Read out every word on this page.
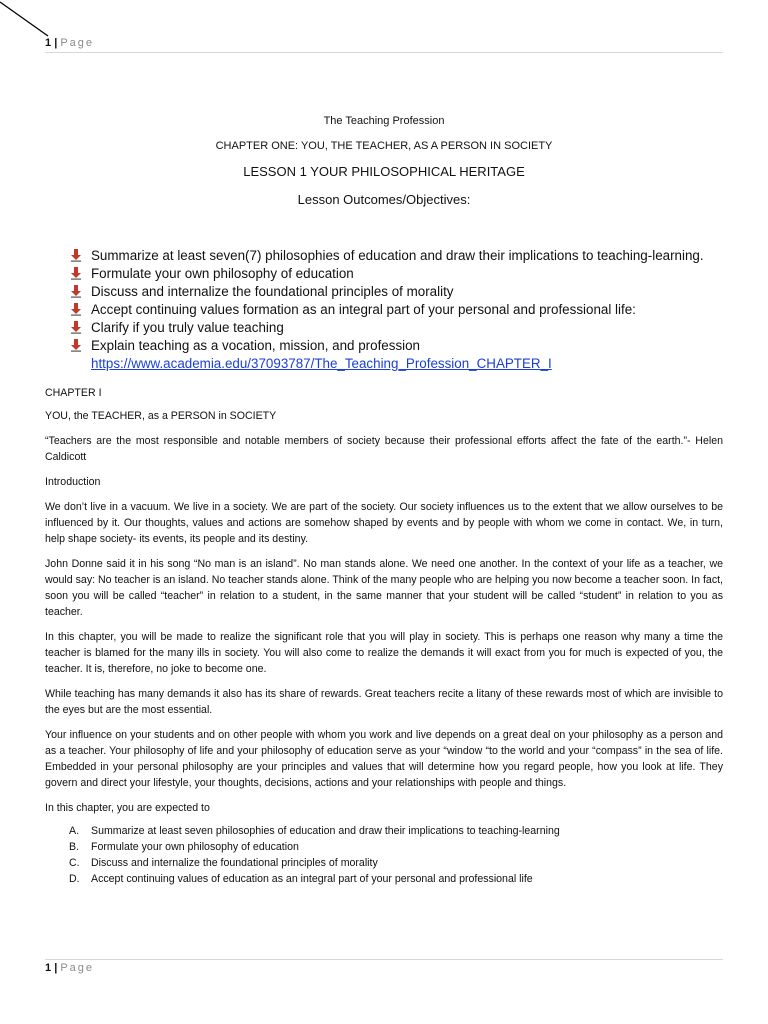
1 | Page

The Teaching Profession

CHAPTER ONE: YOU, THE TEACHER, AS A PERSON IN SOCIETY

LESSON 1 YOUR PHILOSOPHICAL HERITAGE

Lesson Outcomes/Objectives:

Summarize at least seven(7) philosophies of education and draw their implications to teaching-learning.
Formulate your own philosophy of education
Discuss and internalize the foundational principles of morality
Accept continuing values formation as an integral part of your personal and professional life:
Clarify if you truly value teaching
Explain teaching as a vocation, mission, and profession
https://www.academia.edu/37093787/The_Teaching_Profession_CHAPTER_I

CHAPTER I

YOU, the TEACHER, as a PERSON in SOCIETY

“Teachers are the most responsible and notable members of society because their professional efforts affect the fate of the earth.”- Helen Caldicott

Introduction

We don’t live in a vacuum. We live in a society. We are part of the society. Our society influences us to the extent that we allow ourselves to be influenced by it. Our thoughts, values and actions are somehow shaped by events and by people with whom we come in contact. We, in turn, help shape society- its events, its people and its destiny.

John Donne said it in his song “No man is an island”. No man stands alone. We need one another. In the context of your life as a teacher, we would say: No teacher is an island. No teacher stands alone. Think of the many people who are helping you now become a teacher soon. In fact, soon you will be called “teacher” in relation to a student, in the same manner that your student will be called “student” in relation to you as teacher.

In this chapter, you will be made to realize the significant role that you will play in society. This is perhaps one reason why many a time the teacher is blamed for the many ills in society. You will also come to realize the demands it will exact from you for much is expected of you, the teacher. It is, therefore, no joke to become one.

While teaching has many demands it also has its share of rewards. Great teachers recite a litany of these rewards most of which are invisible to the eyes but are the most essential.

Your influence on your students and on other people with whom you work and live depends on a great deal on your philosophy as a person and as a teacher. Your philosophy of life and your philosophy of education serve as your “window “to the world and your “compass” in the sea of life. Embedded in your personal philosophy are your principles and values that will determine how you regard people, how you look at life. They govern and direct your lifestyle, your thoughts, decisions, actions and your relationships with people and things.

In this chapter, you are expected to

A.	Summarize at least seven philosophies of education and draw their implications to teaching-learning
B.	Formulate your own philosophy of education
C.	Discuss and internalize the foundational principles of morality
D.	Accept continuing values of education as an integral part of your personal and professional life
1 | Page
